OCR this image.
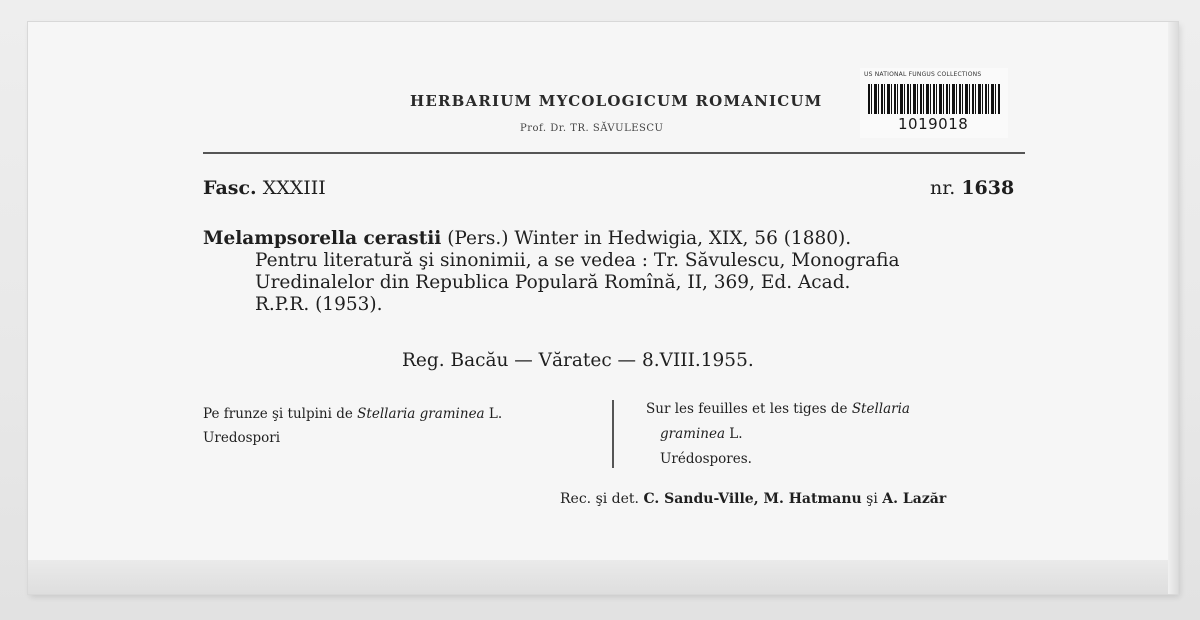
HERBARIUM MYCOLOGICUM ROMANICUM
Prof. Dr. TR. SĂVULESCU
US NATIONAL FUNGUS COLLECTIONS
1019018
Fasc. XXXIII	nr. 1638
Melampsorella cerastii (Pers.) Winter in Hedwigia, XIX, 56 (1880).
Pentru literatură şi sinonimii, a se vedea : Tr. Săvulescu, Monografia
Uredinalelor din Republica Populară Romînă, II, 369, Ed. Acad.
R.P.R. (1953).
Reg. Bacău — Văratec — 8.VIII.1955.
Pe frunze şi tulpini de Stellaria graminea L.
Uredospori
Sur les feuilles et les tiges de Stellaria
graminea L.
Urédospores.
Rec. şi det. C. Sandu-Ville, M. Hatmanu şi A. Lazăr
